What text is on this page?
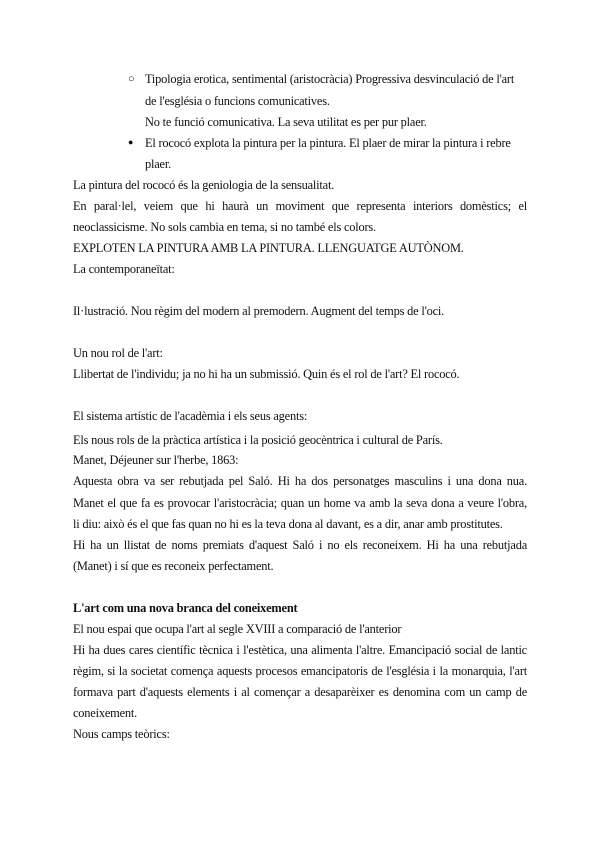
○ Tipologia erotica, sentimental (aristocràcia) Progressiva desvinculació de l'art
de l'església o funcions comunicatives.
No te funció comunicativa. La seva utilitat es per pur plaer.
● El rococó explota la pintura per la pintura. El plaer de mirar la pintura i rebre
plaer.
La pintura del rococó és la geniologia de la sensualitat.
En paral·lel, veiem que hi haurà un moviment que representa interiors domèstics; el
neoclassicisme. No sols cambia en tema, si no també els colors.
EXPLOTEN LA PINTURA AMB LA PINTURA. LLENGUATGE AUTÒNOM.
La contemporaneïtat:
Il·lustració. Nou règim del modern al premodern. Augment del temps de l'oci.
Un nou rol de l'art:
Llibertat de l'individu; ja no hi ha un submissió. Quin és el rol de l'art? El rococó.
El sistema artístic de l'acadèmia i els seus agents:
Els nous rols de la pràctica artística i la posició geocèntrica i cultural de París.
Manet, Déjeuner sur l'herbe, 1863:
Aquesta obra va ser rebutjada pel Saló. Hi ha dos personatges masculins i una dona nua.
Manet el que fa es provocar l'aristocràcia; quan un home va amb la seva dona a veure l'obra,
li diu: això és el que fas quan no hi es la teva dona al davant, es a dir, anar amb prostitutes.
Hi ha un llistat de noms premiats d'aquest Saló i no els reconeixem. Hi ha una rebutjada
(Manet) i sí que es reconeix perfectament.
L'art com una nova branca del coneixement
El nou espai que ocupa l'art al segle XVIII a comparació de l'anterior
Hi ha dues cares científic tècnica i l'estètica, una alimenta l'altre. Emancipació social de lantic
règim, si la societat comença aquests procesos emancipatoris de l'església i la monarquia, l'art
formava part d'aquests elements i al començar a desaparèixer es denomina com un camp de
coneixement.
Nous camps teòrics:
